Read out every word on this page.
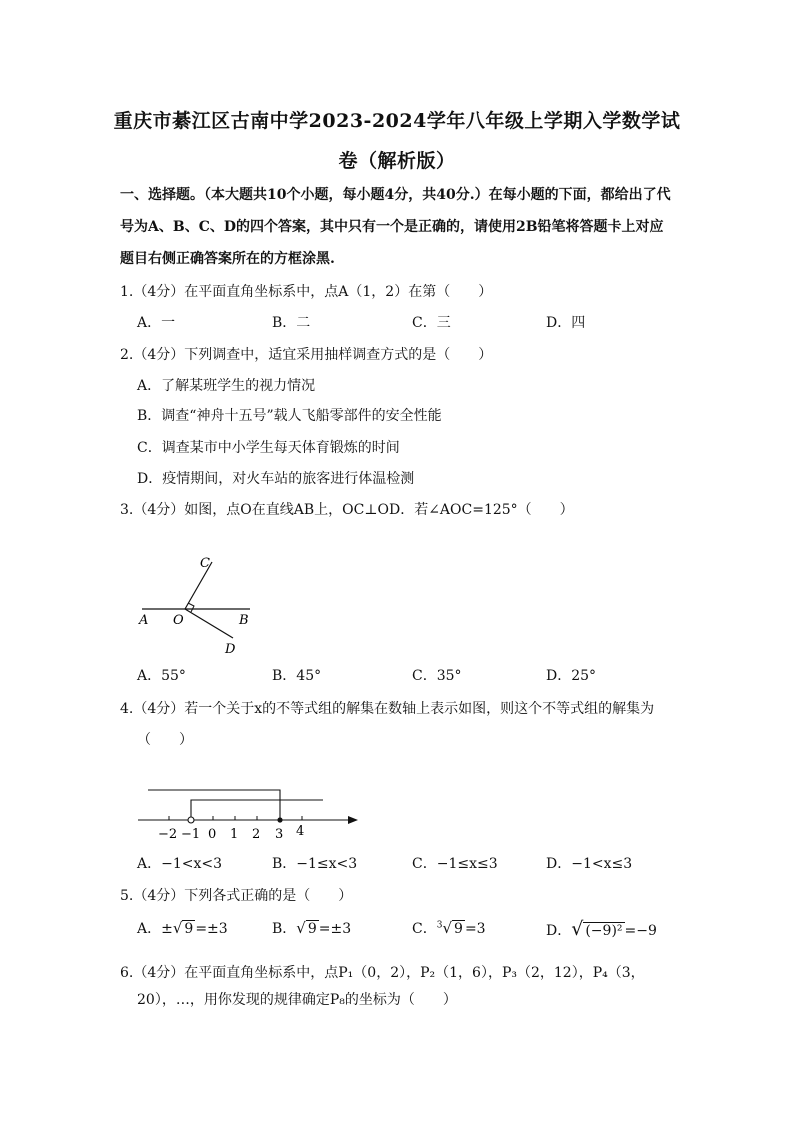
重庆市綦江区古南中学2023-2024学年八年级上学期入学数学试
卷（解析版）
一、选择题。（本大题共10个小题，每小题4分，共40分.）在每小题的下面，都给出了代
号为A、B、C、D的四个答案，其中只有一个是正确的，请使用2B铅笔将答题卡上对应
题目右侧正确答案所在的方框涂黑.
1.（4分）在平面直角坐标系中，点A（1，2）在第（　　）
A．一	B．二	C．三	D．四
2.（4分）下列调查中，适宜采用抽样调查方式的是（　　）
A．了解某班学生的视力情况
B．调查“神舟十五号”载人飞船零部件的安全性能
C．调查某市中小学生每天体育锻炼的时间
D．疫情期间，对火车站的旅客进行体温检测
3.（4分）如图，点O在直线AB上，OC⊥OD．若∠AOC=125°（　　）
C
A O	B
D
A．55°	B．45°	C．35°	D．25°
4.（4分）若一个关于x的不等式组的解集在数轴上表示如图，则这个不等式组的解集为
（　　）
−2 −1 0 1 2 3 4
A．−1<x<3	B．−1≤x<3	C．−1≤x≤3	D．−1<x≤3
5.（4分）下列各式正确的是（　　）
A．±√ 9 =±3	B．√ 9 =±3	C．$^3$√ 9 =3	D．√ (−9)² =−9
6.（4分）在平面直角坐标系中，点P₁（0，2），P₂（1，6），P₃（2，12），P₄（3，
20），…，用你发现的规律确定P₈的坐标为（　　）
